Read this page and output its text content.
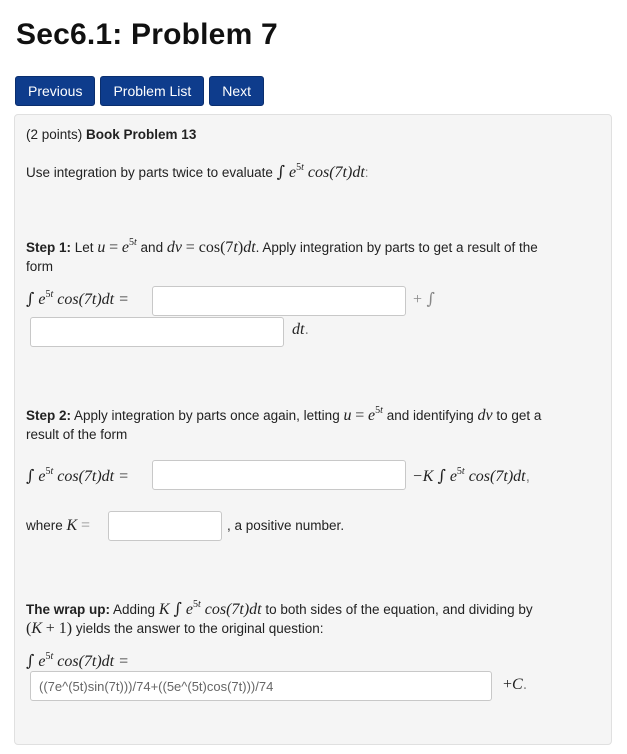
Sec6.1: Problem 7
Previous	Problem List	Next
(2 points) Book Problem 13
Use integration by parts twice to evaluate ∫ $e^{5t}$ cos(7t)dt:
Step 1: Let $u = e^{5t}$ and dv = cos(7t)dt. Apply integration by parts to get a result of the
form
∫ $e^{5t}$ cos(7t)dt =	+ ∫
dt.
Step 2: Apply integration by parts once again, letting $u = e^{5t}$ and identifying dv to get a
result of the form
∫ $e^{5t}$ cos(7t)dt =	−K ∫ $e^{5t}$ cos(7t)dt,
where K =	, a positive number.
The wrap up: Adding K ∫ $e^{5t}$ cos(7t)dt to both sides of the equation, and dividing by
(K + 1) yields the answer to the original question:
∫ $e^{5t}$ cos(7t)dt =
((7e^(5t)sin(7t)))/74+((5e^(5t)cos(7t)))/74
+C.
